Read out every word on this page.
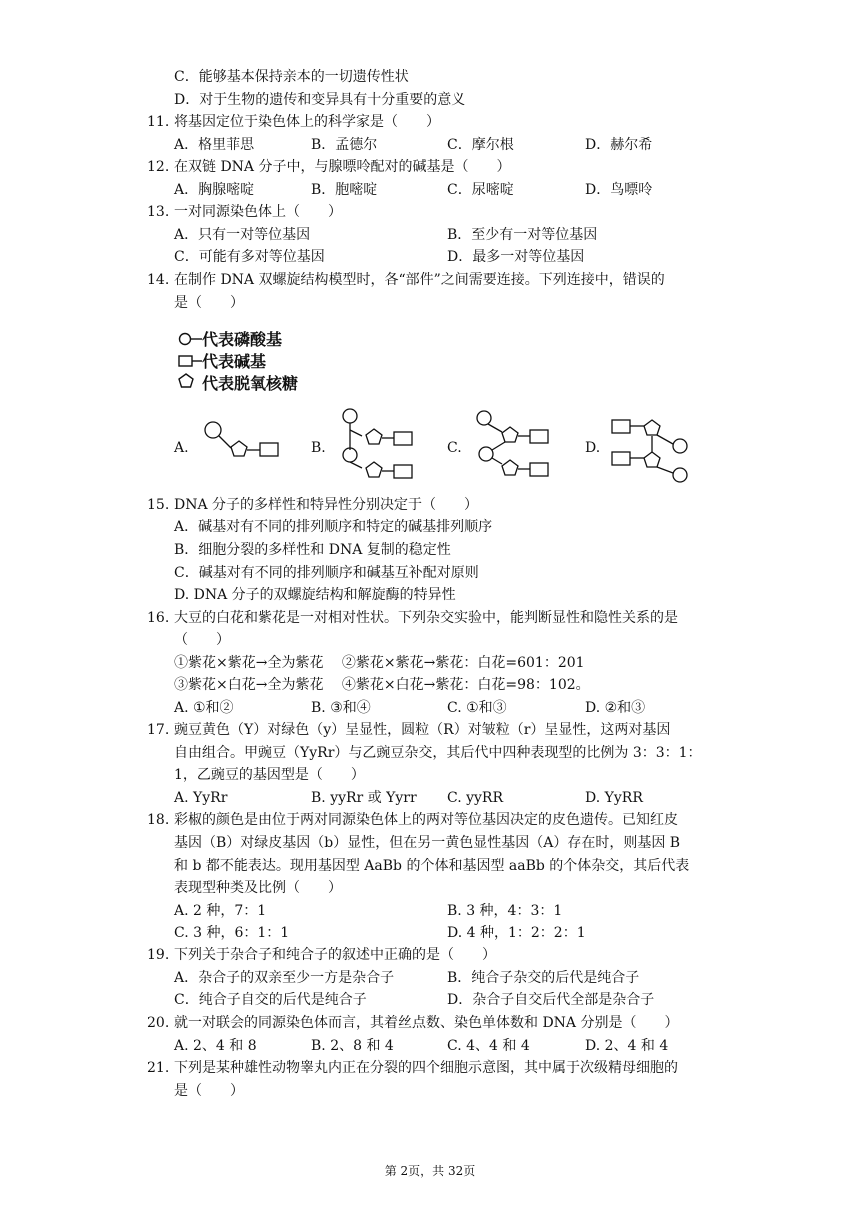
C．能够基本保持亲本的一切遗传性状
D．对于生物的遗传和变异具有十分重要的意义
11. 将基因定位于染色体上的科学家是（　　）
12. 在双链 DNA 分子中，与腺嘌呤配对的碱基是（　　）
13. 一对同源染色体上（　　）
14. 在制作 DNA 双螺旋结构模型时，各“部件”之间需要连接。下列连接中，错误的
是（　　）
15. DNA 分子的多样性和特异性分别决定于（　　）
A．碱基对有不同的排列顺序和特定的碱基排列顺序
B．细胞分裂的多样性和 DNA 复制的稳定性
C．碱基对有不同的排列顺序和碱基互补配对原则
D. DNA 分子的双螺旋结构和解旋酶的特异性
16. 大豆的白花和紫花是一对相对性状。下列杂交实验中，能判断显性和隐性关系的是
（　　）
①紫花×紫花→全为紫花　 ②紫花×紫花→紫花：白花=601：201
③紫花×白花→全为紫花　 ④紫花×白花→紫花：白花=98：102。
17. 豌豆黄色（Y）对绿色（y）呈显性，圆粒（R）对皱粒（r）呈显性，这两对基因
自由组合。甲豌豆（YyRr）与乙豌豆杂交，其后代中四种表现型的比例为 3：3：1：
1，乙豌豆的基因型是（　　）
18. 彩椒的颜色是由位于两对同源染色体上的两对等位基因决定的皮色遗传。已知红皮
基因（B）对绿皮基因（b）显性，但在另一黄色显性基因（A）存在时，则基因 B
和 b 都不能表达。现用基因型 AaBb 的个体和基因型 aaBb 的个体杂交，其后代表
表现型种类及比例（　　）
19. 下列关于杂合子和纯合子的叙述中正确的是（　　）
20. 就一对联会的同源染色体而言，其着丝点数、染色单体数和 DNA 分别是（　　）
21. 下列是某种雄性动物睾丸内正在分裂的四个细胞示意图，其中属于次级精母细胞的
是（　　）
A．格里菲思	B．孟德尔	C．摩尔根	D．赫尔希
A．胸腺嘧啶	B．胞嘧啶	C．尿嘧啶	D．鸟嘌呤
A. ①和②	B. ③和④	C. ①和③	D. ②和③
A. YyRr	B. yyRr 或 Yyrr C. yyRR	D. YyRR
A. 2、4 和 8	B. 2、8 和 4	C. 4、4 和 4	D. 2、4 和 4
A．只有一对等位基因	B．至少有一对等位基因
C．可能有多对等位基因	D．最多一对等位基因
A. 2 种，7：1	B. 3 种，4：3：1
C. 3 种，6：1：1	D. 4 种，1：2：2：1
A．杂合子的双亲至少一方是杂合子	B．纯合子杂交的后代是纯合子
C．纯合子自交的后代是纯合子	D．杂合子自交后代全部是杂合子
代表磷酸基
代表碱基
代表脱氧核糖
A.	B.	C.	D.
第 2页，共 32页
